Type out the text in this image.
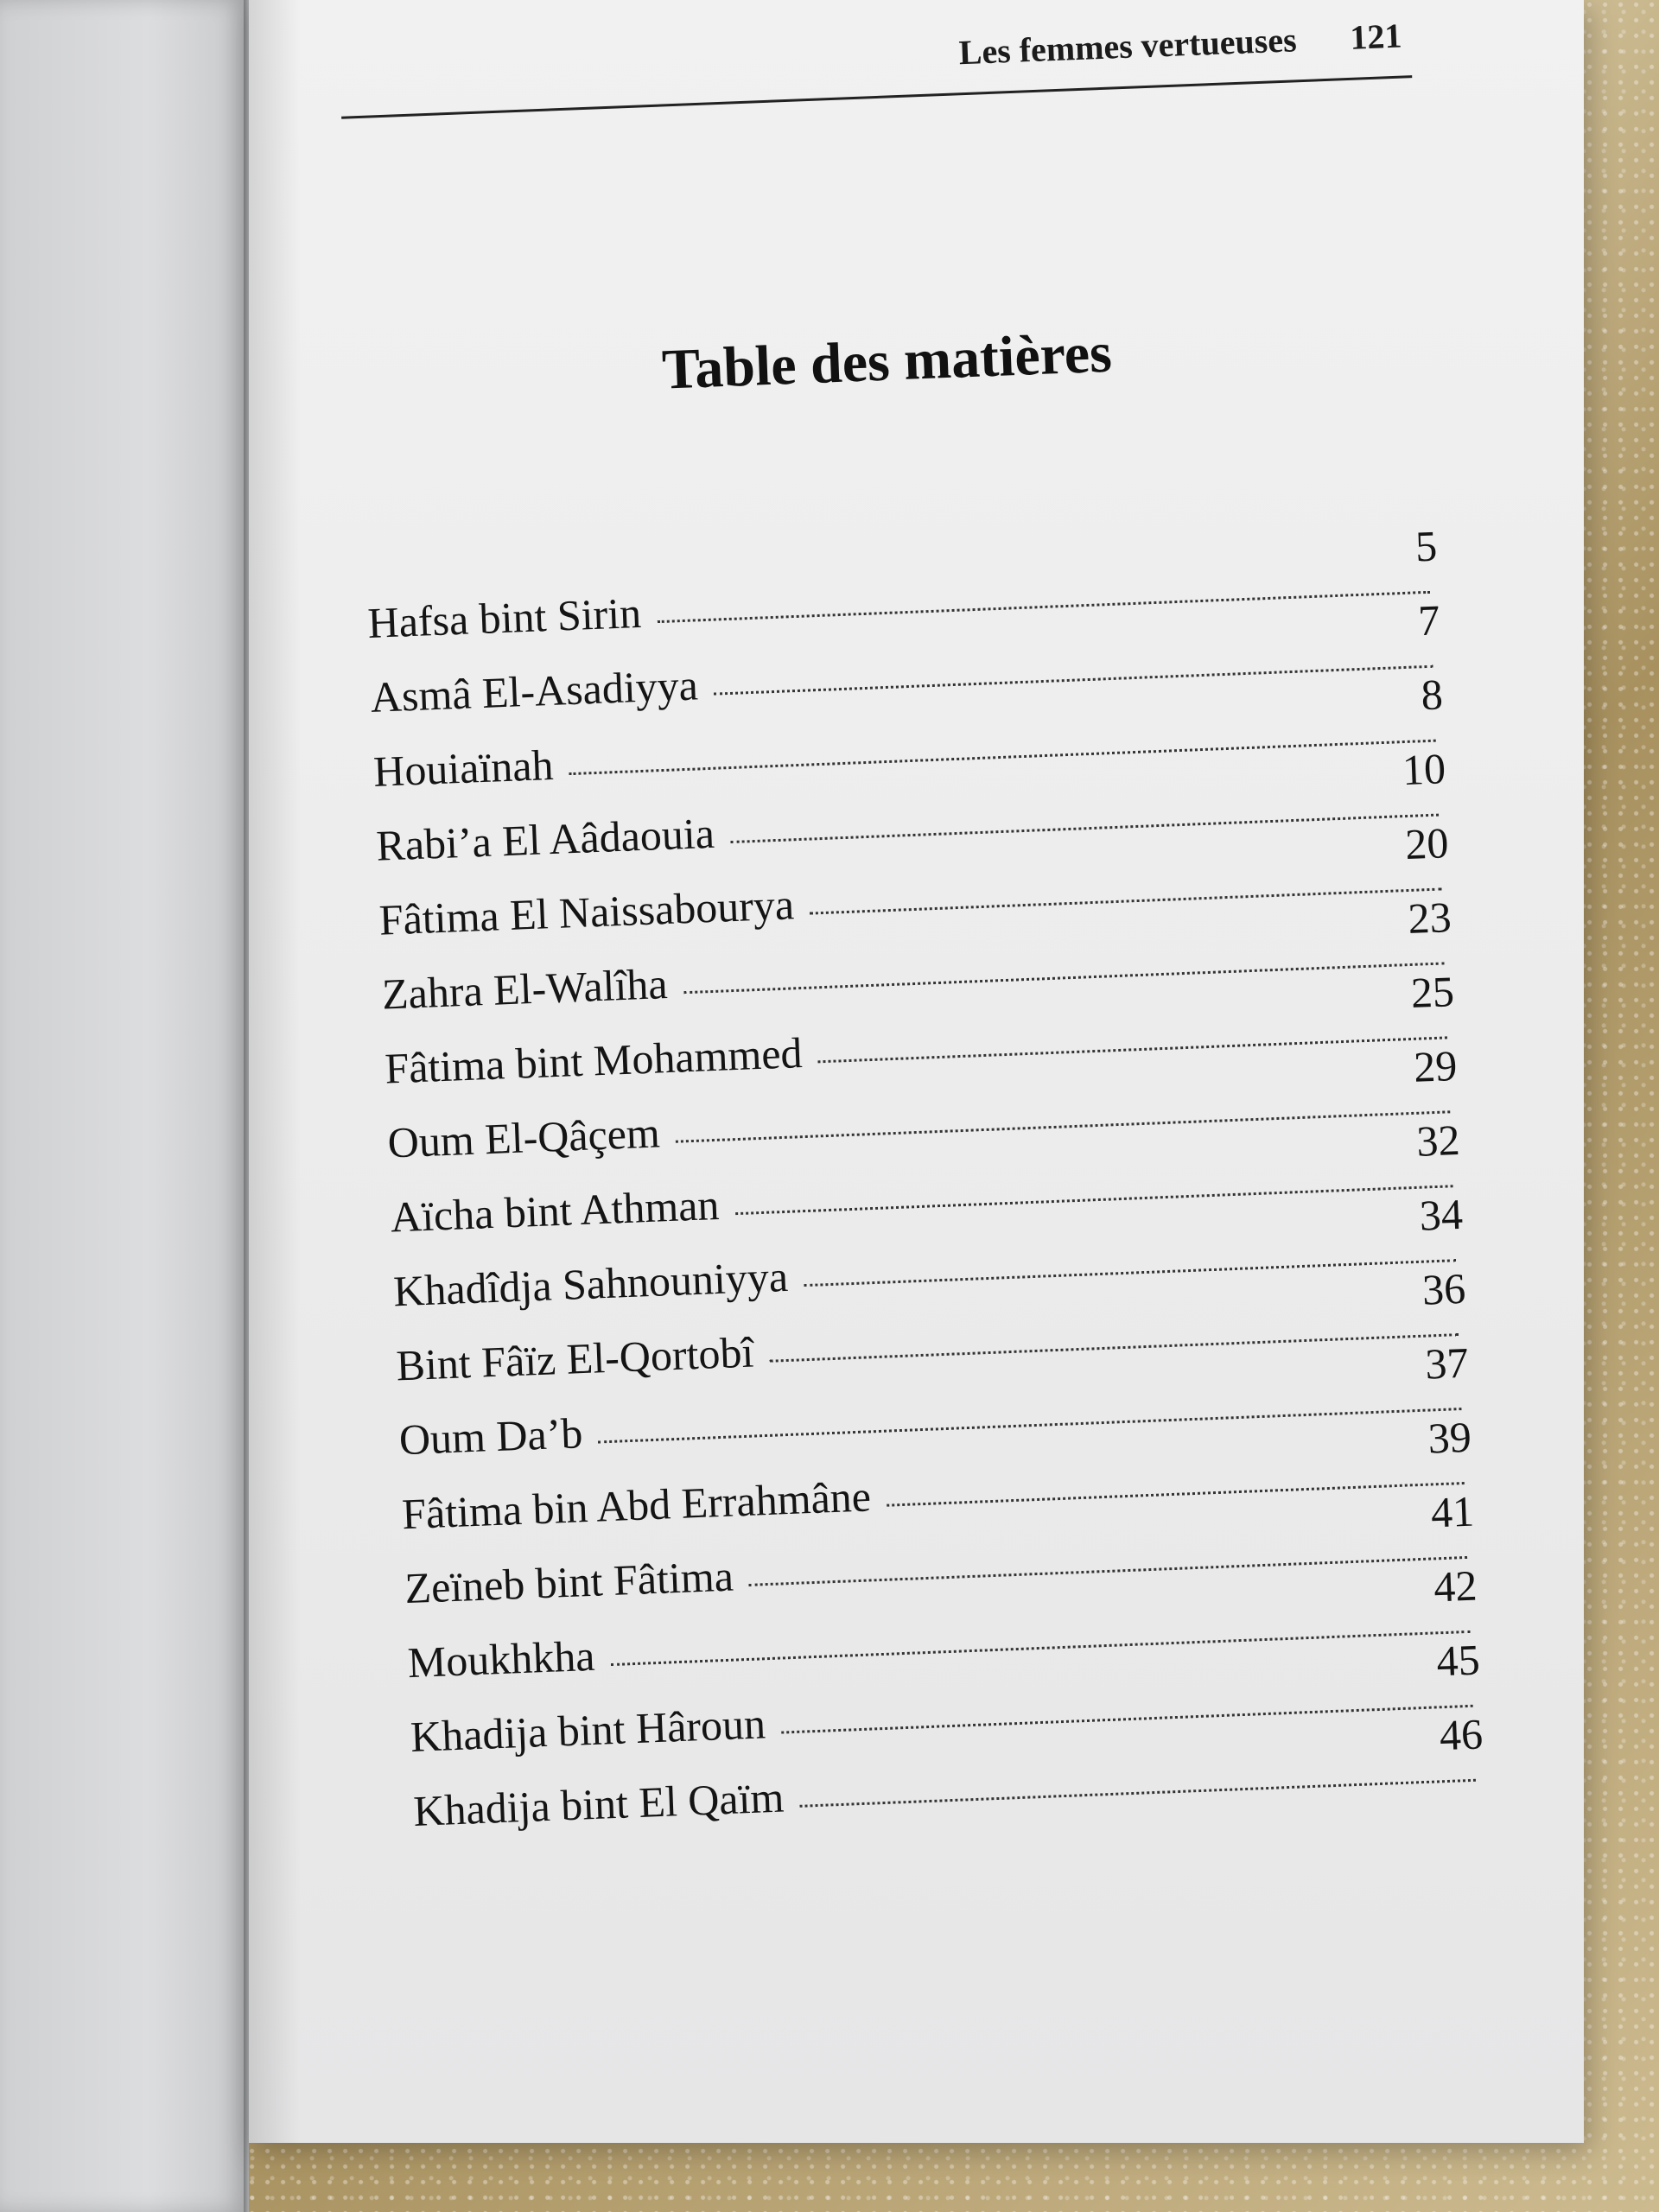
Les femmes vertueuses 121
Table des matières
Hafsa bint Sirin
5
Asmâ El-Asadiyya
7
Houiaïnah
8
Rabi’a El Aâdaouia
10
Fâtima El Naissabourya
20
Zahra El-Walîha
23
Fâtima bint Mohammed
25
Oum El-Qâçem
29
Aïcha bint Athman
32
Khadîdja Sahnouniyya
34
Bint Fâïz El-Qortobî
36
Oum Da’b
37
Fâtima bin Abd Errahmâne
39
Zeïneb bint Fâtima
41
Moukhkha
42
Khadija bint Hâroun
45
Khadija bint El Qaïm
46
